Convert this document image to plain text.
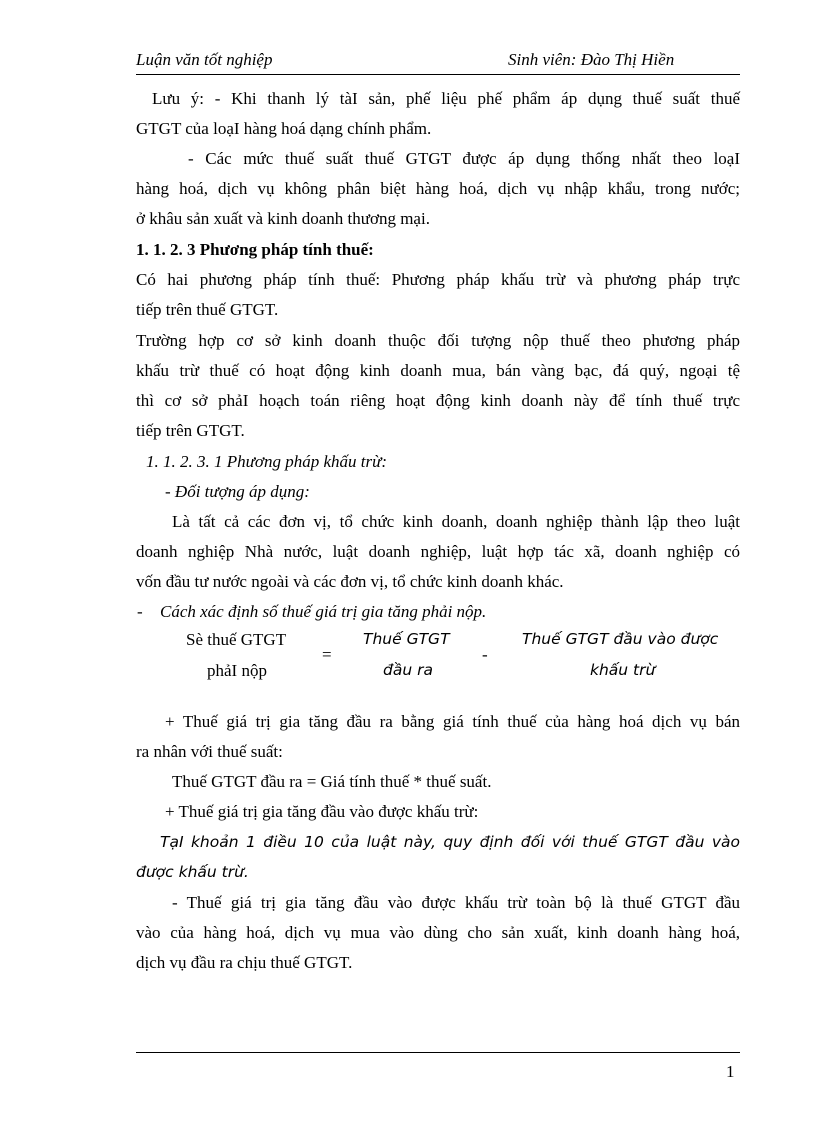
Luận văn tốt nghiệp	Sinh viên: Đào Thị Hiền
Lưu ý: - Khi thanh lý tàI sản, phế liệu phế phẩm áp dụng thuế suất thuế
GTGT của loạI hàng hoá dạng chính phẩm.
- Các mức thuế suất thuế GTGT được áp dụng thống nhất theo loạI
hàng hoá, dịch vụ không phân biệt hàng hoá, dịch vụ nhập khẩu, trong nước;
ở khâu sản xuất và kinh doanh thương mại.
1. 1. 2. 3 Phương pháp tính thuế:
Có hai phương pháp tính thuế: Phương pháp khấu trừ và phương pháp trực
tiếp trên thuế GTGT.
Trường hợp cơ sở kinh doanh thuộc đối tượng nộp thuế theo phương pháp
khấu trừ thuế có hoạt động kinh doanh mua, bán vàng bạc, đá quý, ngoại tệ
thì cơ sở phảI hoạch toán riêng hoạt động kinh doanh này để tính thuế trực
tiếp trên GTGT.
1. 1. 2. 3. 1 Phương pháp khấu trừ:
- Đối tượng áp dụng:
Là tất cả các đơn vị, tổ chức kinh doanh, doanh nghiệp thành lập theo luật
doanh nghiệp Nhà nước, luật doanh nghiệp, luật hợp tác xã, doanh nghiệp có
vốn đầu tư nước ngoài và các đơn vị, tổ chức kinh doanh khác.
- Cách xác định số thuế giá trị gia tăng phải nộp.
Sè thuế GTGT
phảI nộp
=
Thuế GTGT
đầu ra
-
Thuế GTGT đầu vào được
khấu trừ
+ Thuế giá trị gia tăng đầu ra bằng giá tính thuế của hàng hoá dịch vụ bán
ra nhân với thuế suất:
Thuế GTGT đầu ra = Giá tính thuế * thuế suất.
+ Thuế giá trị gia tăng đầu vào được khấu trừ:
TạI khoản 1 điều 10 của luật này, quy định đối với thuế GTGT đầu vào
được khấu trừ.
- Thuế giá trị gia tăng đầu vào được khấu trừ toàn bộ là thuế GTGT đầu
vào của hàng hoá, dịch vụ mua vào dùng cho sản xuất, kinh doanh hàng hoá,
dịch vụ đầu ra chịu thuế GTGT.
1
